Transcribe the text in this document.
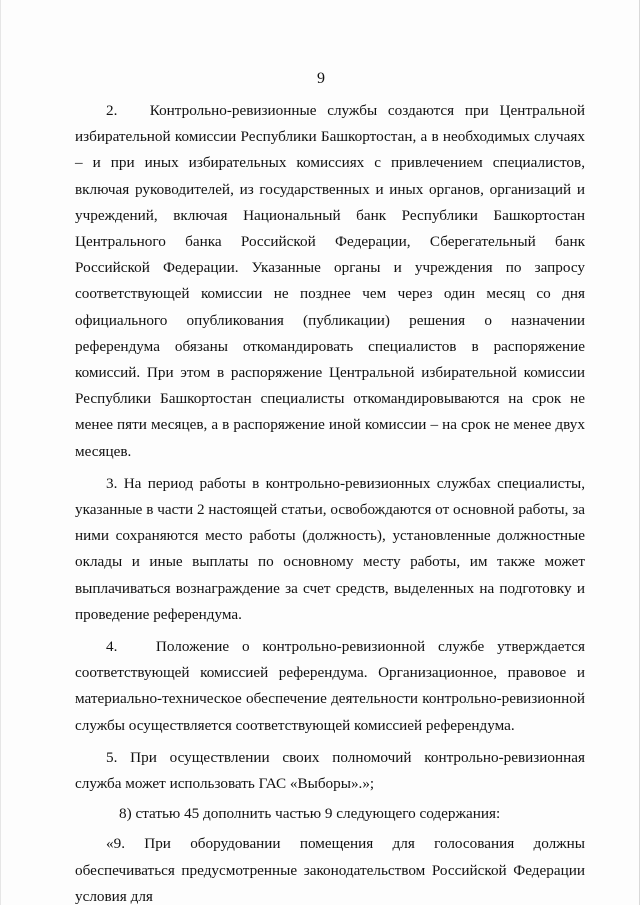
9

2.   Контрольно-ревизионные службы создаются при Центральной избирательной комиссии Республики Башкортостан, а в необходимых случаях – и при иных избирательных комиссиях с привлечением специалистов, включая руководителей, из государственных и иных органов, организаций и учреждений, включая Национальный банк Республики Башкортостан Центрального банка Российской Федерации, Сберегательный банк Российской Федерации. Указанные органы и учреждения по запросу соответствующей комиссии не позднее чем через один месяц со дня официального опубликования (публикации) решения о назначении референдума обязаны откомандировать специалистов в распоряжение комиссий. При этом в распоряжение Центральной избирательной комиссии Республики Башкортостан специалисты откомандировываются на срок не менее пяти месяцев, а в распоряжение иной комиссии – на срок не менее двух месяцев.

3. На период работы в контрольно-ревизионных службах специалисты, указанные в части 2 настоящей статьи, освобождаются от основной работы, за ними сохраняются место работы (должность), установленные должностные оклады и иные выплаты по основному месту работы, им также может выплачиваться вознаграждение за счет средств, выделенных на подготовку и проведение референдума.

4.   Положение о контрольно-ревизионной службе утверждается соответствующей комиссией референдума. Организационное, правовое и материально-техническое обеспечение деятельности контрольно-ревизионной службы осуществляется соответствующей комиссией референдума.

5. При осуществлении своих полномочий контрольно-ревизионная служба может использовать ГАС «Выборы».»;

8) статью 45 дополнить частью 9 следующего содержания:

«9. При оборудовании помещения для голосования должны обеспечиваться предусмотренные законодательством Российской Федерации условия для
